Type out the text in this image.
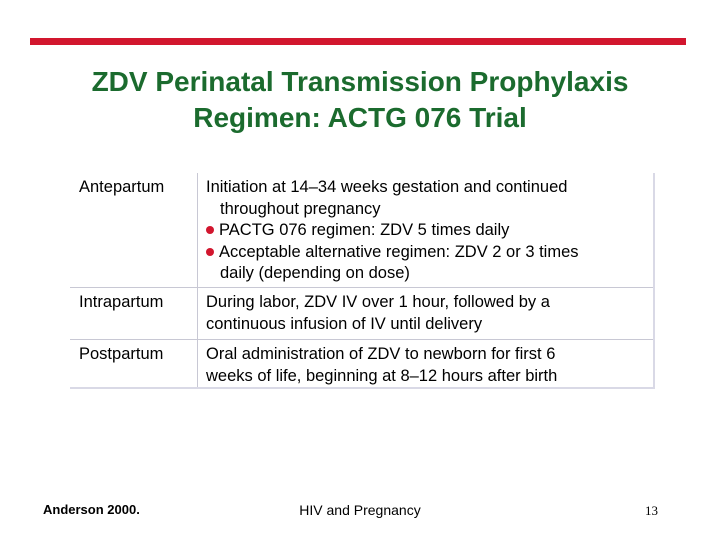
ZDV Perinatal Transmission Prophylaxis
Regimen: ACTG 076 Trial
Antepartum	Initiation at 14–34 weeks gestation and continued
throughout pregnancy
PACTG 076 regimen: ZDV 5 times daily
Acceptable alternative regimen: ZDV 2 or 3 times
daily (depending on dose)
Intrapartum	During labor, ZDV IV over 1 hour, followed by a
continuous infusion of IV until delivery
Postpartum	Oral administration of ZDV to newborn for first 6
weeks of life, beginning at 8–12 hours after birth
Anderson 2000.	HIV and Pregnancy	13
